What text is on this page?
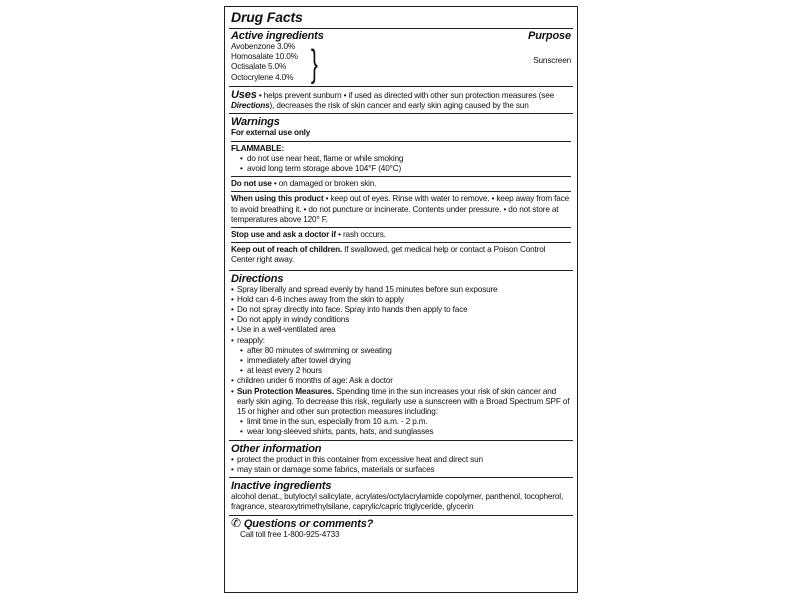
Drug Facts
Active ingredients	Purpose
Avobenzone 3.0%
Homosalate 10.0%
Octisalate 5.0%
Octocrylene 4.0% }	Sunscreen
Uses • helps prevent sunburn • if used as directed with other sun protection measures (see Directions), decreases the risk of skin cancer and early skin aging caused by the sun
Warnings
For external use only
FLAMMABLE:
• do not use near heat, flame or while smoking
• avoid long term storage above 104°F (40°C)
Do not use • on damaged or broken skin.
When using this product • keep out of eyes. Rinse with water to remove. • keep away from face to avoid breathing it. • do not puncture or incinerate. Contents under pressure. • do not store at temperatures above 120° F.
Stop use and ask a doctor if • rash occurs.
Keep out of reach of children. If swallowed, get medical help or contact a Poison Control Center right away.
Directions
• Spray liberally and spread evenly by hand 15 minutes before sun exposure
• Hold can 4-6 inches away from the skin to apply
• Do not spray directly into face. Spray into hands then apply to face
• Do not apply in windy conditions
• Use in a well-ventilated area
• reapply:
• after 80 minutes of swimming or sweating
• immediately after towel drying
• at least every 2 hours
• children under 6 months of age: Ask a doctor
• Sun Protection Measures. Spending time in the sun increases your risk of skin cancer and early skin aging. To decrease this risk, regularly use a sunscreen with a Broad Spectrum SPF of 15 or higher and other sun protection measures including:
• limit time in the sun, especially from 10 a.m. - 2 p.m.
• wear long-sleeved shirts, pants, hats, and sunglasses
Other information
• protect the product in this container from excessive heat and direct sun
• may stain or damage some fabrics, materials or surfaces
Inactive ingredients
alcohol denat., butyloctyl salicylate, acrylates/octylacrylamide copolymer, panthenol, tocopherol, fragrance, stearoxytrimethylsilane, caprylic/capric triglyceride, glycerin
✆ Questions or comments?
Call toll free 1-800-925-4733
